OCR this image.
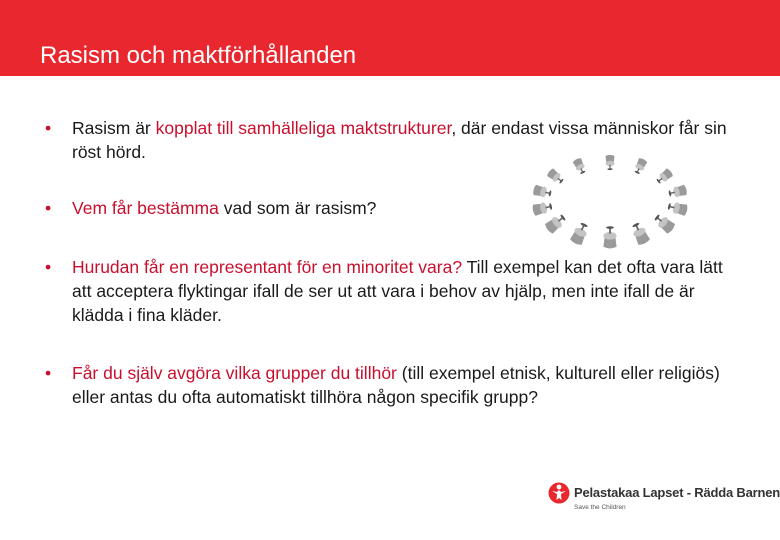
Rasism och maktförhållanden
• Rasism är kopplat till samhälleliga maktstrukturer, där endast vissa människor får sin röst hörd.
• Vem får bestämma vad som är rasism?
• Hurudan får en representant för en minoritet vara? Till exempel kan det ofta vara lätt att acceptera flyktingar ifall de ser ut att vara i behov av hjälp, men inte ifall de är klädda i fina kläder.
• Får du själv avgöra vilka grupper du tillhör (till exempel etnisk, kulturell eller religiös) eller antas du ofta automatiskt tillhöra någon specifik grupp?
Pelastakaa Lapset - Rädda Barnen
Save the Children
